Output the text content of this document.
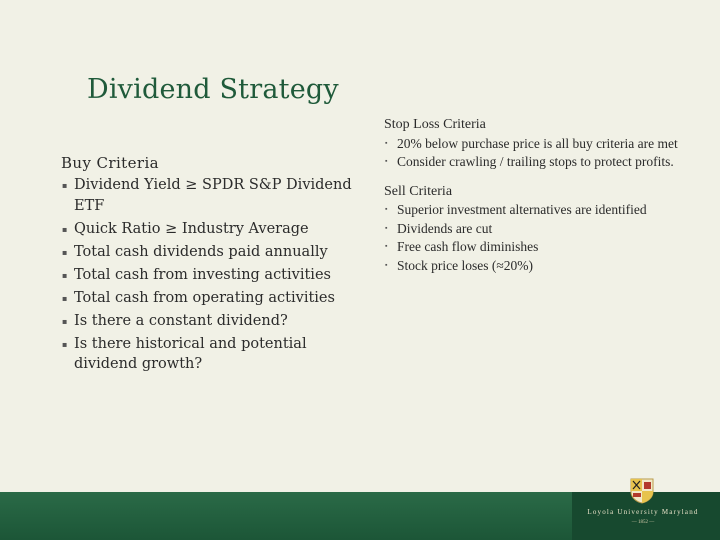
Dividend Strategy
Buy Criteria
▪ Dividend Yield ≥ SPDR S&P Dividend ETF
▪ Quick Ratio ≥ Industry Average
▪ Total cash dividends paid annually
▪ Total cash from investing activities
▪ Total cash from operating activities
▪ Is there a constant dividend?
▪ Is there historical and potential dividend growth?
Stop Loss Criteria
▪ 20% below purchase price is all buy criteria are met
▪ Consider crawling / trailing stops to protect profits.
Sell Criteria
▪ Superior investment alternatives are identified
▪ Dividends are cut
▪ Free cash flow diminishes
▪ Stock price loses (≈20%)
Loyola University Maryland
— 1852 —
